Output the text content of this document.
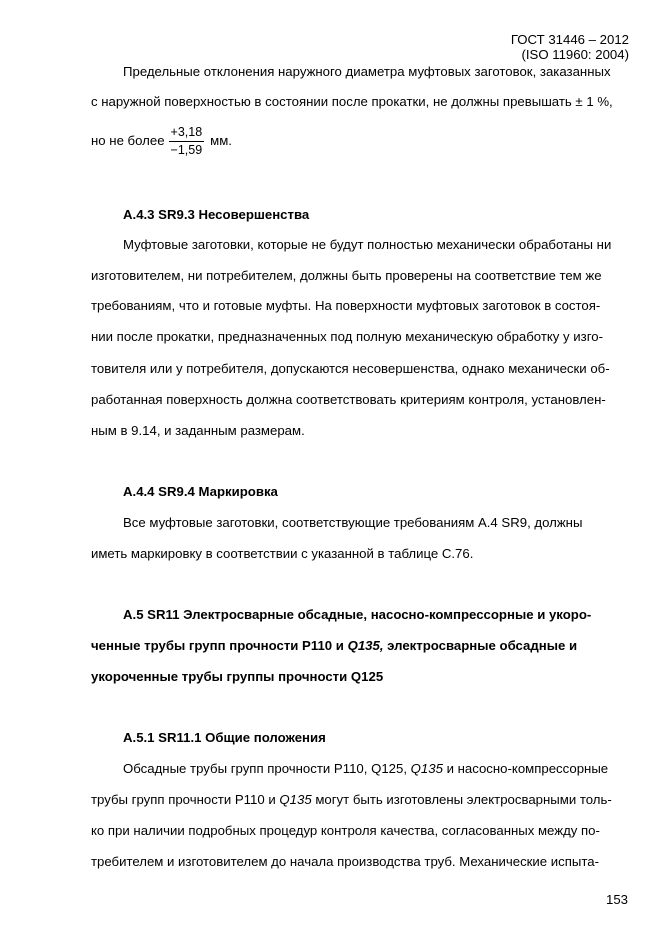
ГОСТ 31446 – 2012
(ISO 11960: 2004)
Предельные отклонения наружного диаметра муфтовых заготовок, заказанных
с наружной поверхностью в состоянии после прокатки, не должны превышать ± 1 %,
но не более $\frac{+3,18}{-1,59}$ мм.
A.4.3 SR9.3 Несовершенства
Муфтовые заготовки, которые не будут полностью механически обработаны ни
изготовителем, ни потребителем, должны быть проверены на соответствие тем же
требованиям, что и готовые муфты. На поверхности муфтовых заготовок в состоя-
нии после прокатки, предназначенных под полную механическую обработку у изго-
товителя или у потребителя, допускаются несовершенства, однако механически об-
работанная поверхность должна соответствовать критериям контроля, установлен-
ным в 9.14, и заданным размерам.
A.4.4 SR9.4 Маркировка
Все муфтовые заготовки, соответствующие требованиям A.4 SR9, должны
иметь маркировку в соответствии с указанной в таблице C.76.
A.5 SR11 Электросварные обсадные, насосно-компрессорные и укоро-
ченные трубы групп прочности P110 и Q135, электросварные обсадные и
укороченные трубы группы прочности Q125
A.5.1 SR11.1 Общие положения
Обсадные трубы групп прочности P110, Q125, Q135 и насосно-компрессорные
трубы групп прочности P110 и Q135 могут быть изготовлены электросварными толь-
ко при наличии подробных процедур контроля качества, согласованных между по-
требителем и изготовителем до начала производства труб. Механические испыта-
153
